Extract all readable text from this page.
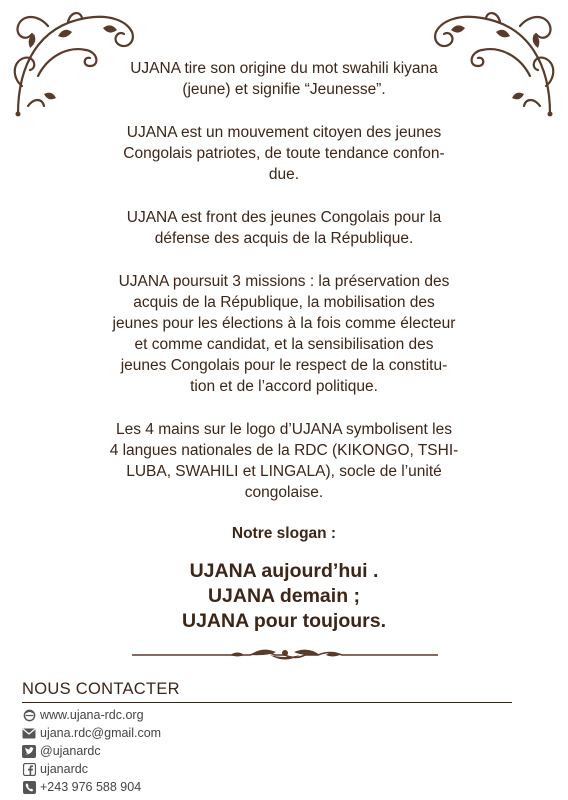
UJANA tire son origine du mot swahili kiyana
(jeune) et signifie “Jeunesse”.

UJANA est un mouvement citoyen des jeunes
Congolais patriotes, de toute tendance confon-
due.

UJANA est front des jeunes Congolais pour la
défense des acquis de la République.

UJANA poursuit 3 missions : la préservation des
acquis de la République, la mobilisation des
jeunes pour les élections à la fois comme électeur
et comme candidat, et la sensibilisation des
jeunes Congolais pour le respect de la constitu-
tion et de l’accord politique.

Les 4 mains sur le logo d’UJANA symbolisent les
4 langues nationales de la RDC (KIKONGO, TSHI-
LUBA, SWAHILI et LINGALA), socle de l’unité
congolaise.

Notre slogan :

UJANA aujourd’hui .
UJANA demain ;
UJANA pour toujours.

NOUS CONTACTER
www.ujana-rdc.org
ujana.rdc@gmail.com
@ujanardc
ujanardc
+243 976 588 904
